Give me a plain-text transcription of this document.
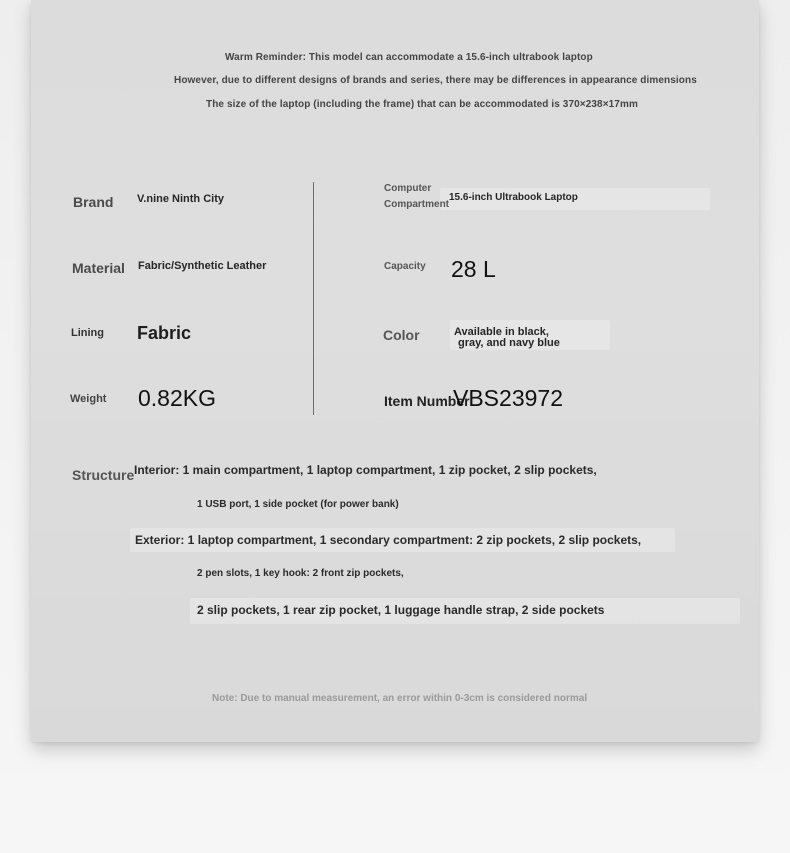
Warm Reminder: This model can accommodate a 15.6-inch ultrabook laptop
However, due to different designs of brands and series, there may be differences in appearance dimensions
The size of the laptop (including the frame) that can be accommodated is 370×238×17mm
Brand V.nine Ninth City
Material Fabric/Synthetic Leather
Lining Fabric
Weight 0.82KG
Computer
Compartment
15.6-inch Ultrabook Laptop
Capacity 28 L
Color	Available in black,
gray, and navy blue
Item Number
VBS23972
Structure Interior: 1 main compartment, 1 laptop compartment, 1 zip pocket, 2 slip pockets,
1 USB port, 1 side pocket (for power bank)
Exterior: 1 laptop compartment, 1 secondary compartment: 2 zip pockets, 2 slip pockets,
2 pen slots, 1 key hook: 2 front zip pockets,
2 slip pockets, 1 rear zip pocket, 1 luggage handle strap, 2 side pockets
Note: Due to manual measurement, an error within 0-3cm is considered normal
